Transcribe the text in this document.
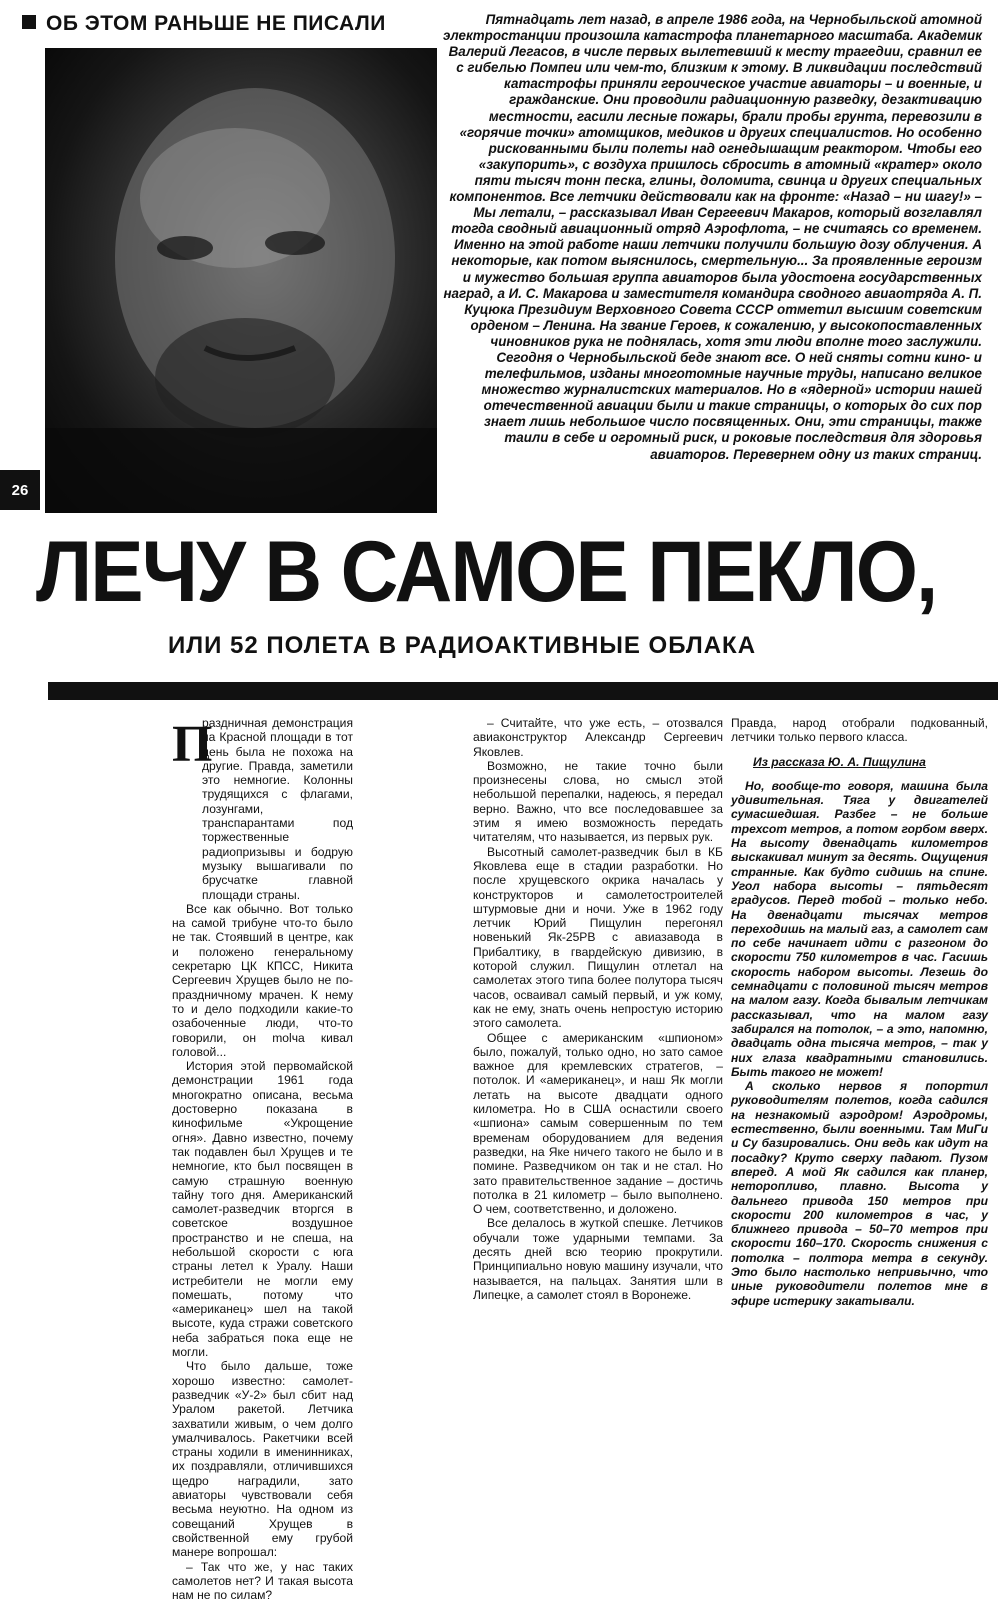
ОБ ЭТОМ РАНЬШЕ НЕ ПИСАЛИ
26

Пятнадцать лет назад, в апреле 1986 года, на Чернобыльской атомной электростанции произошла катастрофа планетарного масштаба. Академик Валерий Легасов, в числе первых вылетевший к месту трагедии, сравнил ее с гибелью Помпеи или чем-то, близким к этому. В ликвидации последствий катастрофы приняли героическое участие авиаторы – и военные, и гражданские. Они проводили радиационную разведку, дезактивацию местности, гасили лесные пожары, брали пробы грунта, перевозили в «горячие точки» атомщиков, медиков и других специалистов. Но особенно рискованными были полеты над огнедышащим реактором. Чтобы его «закупорить», с воздуха пришлось сбросить в атомный «кратер» около пяти тысяч тонн песка, глины, доломита, свинца и других специальных компонентов. Все летчики действовали как на фронте: «Назад – ни шагу!» – Мы летали, – рассказывал Иван Сергеевич Макаров, который возглавлял тогда сводный авиационный отряд Аэрофлота, – не считаясь со временем. Именно на этой работе наши летчики получили большую дозу облучения. А некоторые, как потом выяснилось, смертельную... За проявленные героизм и мужество большая группа авиаторов была удостоена государственных наград, а И. С. Макарова и заместителя командира сводного авиаотряда А. П. Куцюка Президиум Верховного Совета СССР отметил высшим советским орденом – Ленина. На звание Героев, к сожалению, у высокопоставленных чиновников рука не поднялась, хотя эти люди вполне того заслужили. Сегодня о Чернобыльской беде знают все. О ней сняты сотни кино- и телефильмов, изданы многотомные научные труды, написано великое множество журналистских материалов. Но в «ядерной» истории нашей отечественной авиации были и такие страницы, о которых до сих пор знает лишь небольшое число посвященных. Они, эти страницы, также таили в себе и огромный риск, и роковые последствия для здоровья авиаторов. Перевернем одну из таких страниц.

ЛЕЧУ В САМОЕ ПЕКЛО,
ИЛИ 52 ПОЛЕТА В РАДИОАКТИВНЫЕ ОБЛАКА
П

раздничная демонстрация на Красной площади в тот день была не похожа на другие. Правда, заметили это немногие. Колонны трудящихся с флагами, лозунгами, транспарантами под торжественные радиопризывы и бодрую музыку вышагивали по брусчатке главной площади страны.

Все как обычно. Вот только на самой трибуне что-то было не так. Стоявший в центре, как и положено генеральному секретарю ЦК КПСС, Никита Сергеевич Хрущев было не по-праздничному мрачен. К нему то и дело подходили какие-то озабоченные люди, что-то говорили, он molча кивал головой...

История этой первомайской демонстрации 1961 года многократно описана, весьма достоверно показана в кинофильме «Укрощение огня». Давно известно, почему так подавлен был Хрущев и те немногие, кто был посвящен в самую страшную военную тайну того дня. Американский самолет-разведчик вторгся в советское воздушное пространство и не спеша, на небольшой скорости с юга страны летел к Уралу. Наши истребители не могли ему помешать, потому что «американец» шел на такой высоте, куда стражи советского неба забраться пока еще не могли.

Что было дальше, тоже хорошо известно: самолет-разведчик «У-2» был сбит над Уралом ракетой. Летчика захватили живым, о чем долго умалчивалось. Ракетчики всей страны ходили в именинниках, их поздравляли, отличившихся щедро наградили, зато авиаторы чувствовали себя весьма неуютно. На одном из совещаний Хрущев в свойственной ему грубой манере вопрошал:

– Так что же, у нас таких самолетов нет? И такая высота нам не по силам?

– Считайте, что уже есть, – отозвался авиаконструктор Александр Сергеевич Яковлев.

Возможно, не такие точно были произнесены слова, но смысл этой небольшой перепалки, надеюсь, я передал верно. Важно, что все последовавшее за этим я имею возможность передать читателям, что называется, из первых рук.

Высотный самолет-разведчик был в КБ Яковлева еще в стадии разработки. Но после хрущевского окрика началась у конструкторов и самолетостроителей штурмовые дни и ночи. Уже в 1962 году летчик Юрий Пищулин перегонял новенький Як-25РВ с авиазавода в Прибалтику, в гвардейскую дивизию, в которой служил. Пищулин отлетал на самолетах этого типа более полутора тысяч часов, осваивал самый первый, и уж кому, как не ему, знать очень непростую историю этого самолета.

Общее с американским «шпионом» было, пожалуй, только одно, но зато самое важное для кремлевских стратегов, – потолок. И «американец», и наш Як могли летать на высоте двадцати одного километра. Но в США оснастили своего «шпиона» самым совершенным по тем временам оборудованием для ведения разведки, на Яке ничего такого не было и в помине. Разведчиком он так и не стал. Но зато правительственное задание – достичь потолка в 21 километр – было выполнено. О чем, соответственно, и доложено.

Все делалось в жуткой спешке. Летчиков обучали тоже ударными темпами. За десять дней всю теорию прокрутили. Принципиально новую машину изучали, что называется, на пальцах. Занятия шли в Липецке, а самолет стоял в Воронеже.

Правда, народ отобрали подкованный, летчики только первого класса.

Из рассказа Ю. А. Пищулина

Но, вообще-то говоря, машина была удивительная. Тяга у двигателей сумасшедшая. Разбег – не больше трехсот метров, а потом горбом вверх. На высоту двенадцать километров выскакивал минут за десять. Ощущения странные. Как будто сидишь на спине. Угол набора высоты – пятьдесят градусов. Перед тобой – только небо. На двенадцати тысячах метров переходишь на малый газ, а самолет сам по себе начинает идти с разгоном до скорости 750 километров в час. Гасишь скорость набором высоты. Лезешь до семнадцати с половиной тысяч метров на малом газу. Когда бывалым летчикам рассказывал, что на малом газу забирался на потолок, – а это, напомню, двадцать одна тысяча метров, – так у них глаза квадратными становились. Быть такого не может!

А сколько нервов я попортил руководителям полетов, когда садился на незнакомый аэродром! Аэродромы, естественно, были военными. Там МиГи и Су базировались. Они ведь как идут на посадку? Круто сверху падают. Пузом вперед. А мой Як садился как планер, неторопливо, плавно. Высота у дальнего привода 150 метров при скорости 200 километров в час, у ближнего привода – 50–70 метров при скорости 160–170. Скорость снижения с потолка – полтора метра в секунду. Это было настолько непривычно, что иные руководители полетов мне в эфире истерику закатывали.
